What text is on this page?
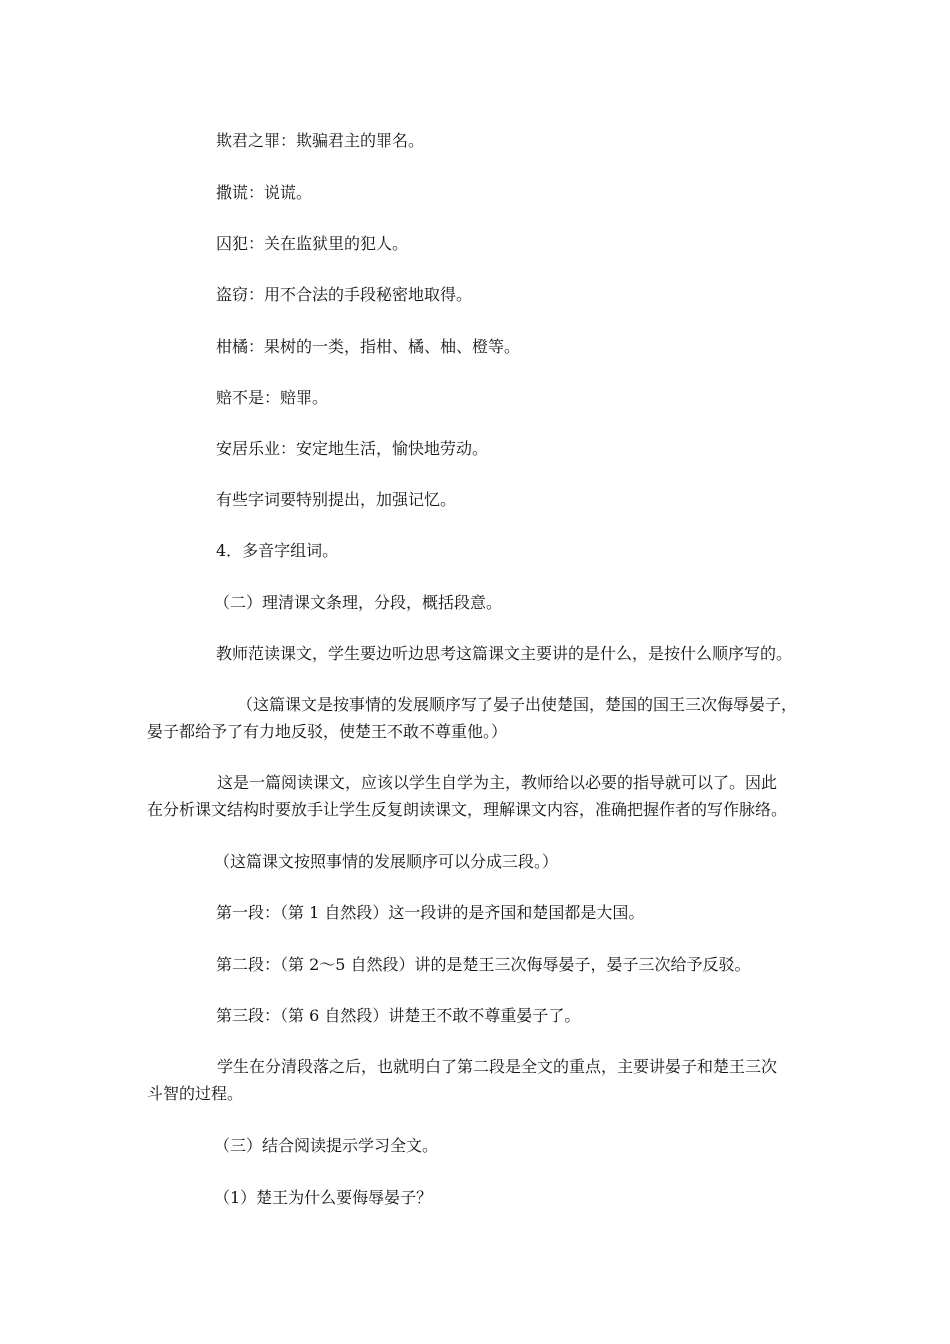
欺君之罪：欺骗君主的罪名。
撒谎：说谎。
囚犯：关在监狱里的犯人。
盗窃：用不合法的手段秘密地取得。
柑橘：果树的一类，指柑、橘、柚、橙等。
赔不是：赔罪。
安居乐业：安定地生活，愉快地劳动。
有些字词要特别提出，加强记忆。
4．多音字组词。
（二）理清课文条理，分段，概括段意。
教师范读课文，学生要边听边思考这篇课文主要讲的是什么，是按什么顺序写的。
（这篇课文是按事情的发展顺序写了晏子出使楚国，楚国的国王三次侮辱晏子，
晏子都给予了有力地反驳，使楚王不敢不尊重他。）
这是一篇阅读课文，应该以学生自学为主，教师给以必要的指导就可以了。因此
在分析课文结构时要放手让学生反复朗读课文，理解课文内容，准确把握作者的写作脉络。
（这篇课文按照事情的发展顺序可以分成三段。）
第一段：（第 1 自然段）这一段讲的是齐国和楚国都是大国。
第二段：（第 2～5 自然段）讲的是楚王三次侮辱晏子，晏子三次给予反驳。
第三段：（第 6 自然段）讲楚王不敢不尊重晏子了。
学生在分清段落之后，也就明白了第二段是全文的重点，主要讲晏子和楚王三次
斗智的过程。
（三）结合阅读提示学习全文。
（1）楚王为什么要侮辱晏子？
